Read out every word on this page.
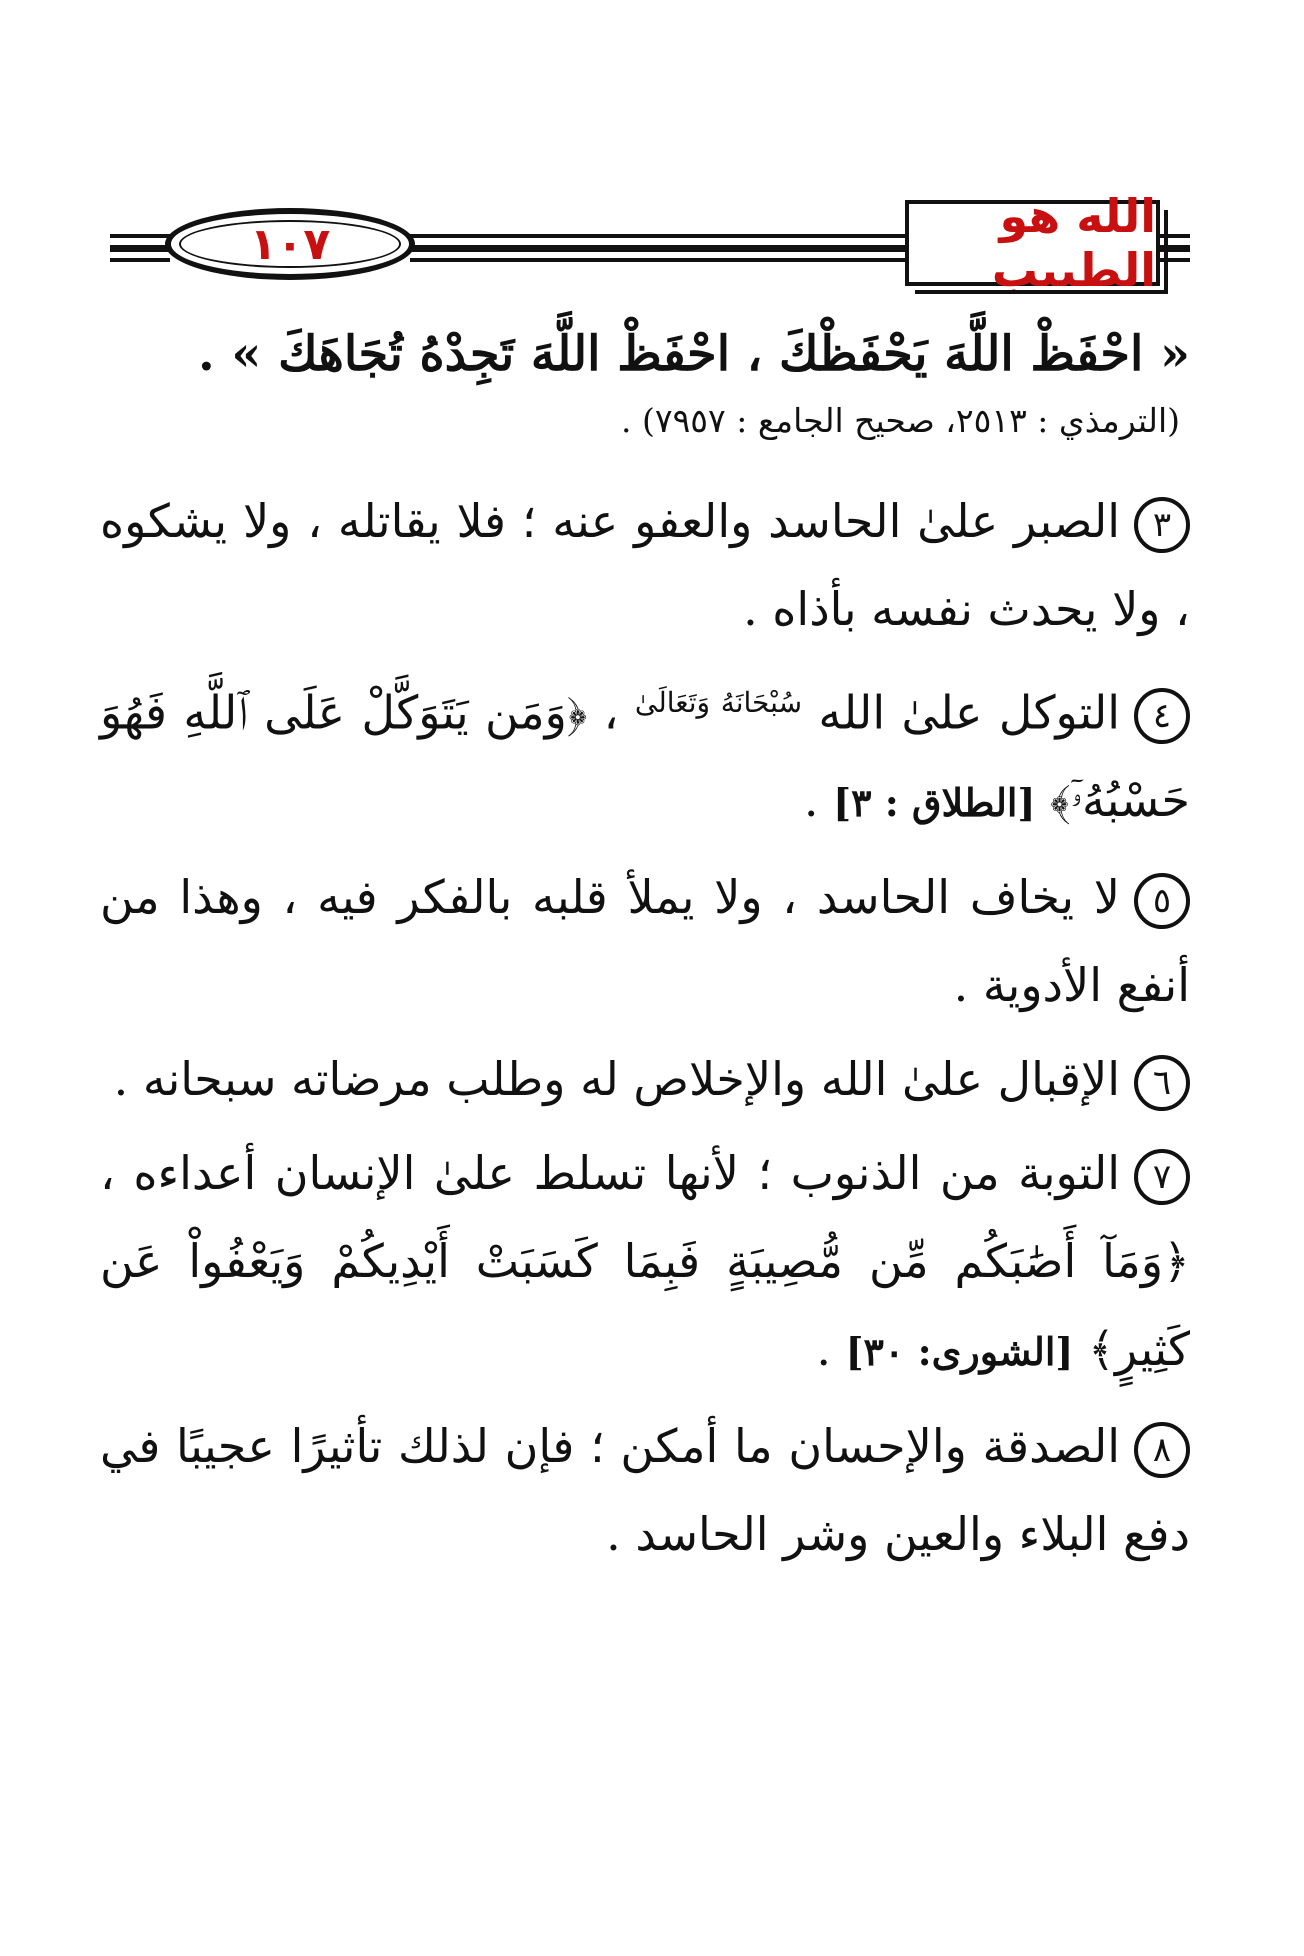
١٠٧
الله هو الطبيب

« احْفَظْ اللَّهَ يَحْفَظْكَ ، احْفَظْ اللَّهَ تَجِدْهُ تُجَاهَكَ » .

(الترمذي : ٢٥١٣، صحيح الجامع : ٧٩٥٧) .

٣الصبر علىٰ الحاسد والعفو عنه ؛ فلا يقاتله ، ولا يشكوه ، ولا يحدث نفسه بأذاه .

٤التوكل علىٰ الله $^{سُبْحَانَهُ وَتَعَالَىٰ}$ ، ﴿وَمَن يَتَوَكَّلْ عَلَى ٱللَّهِ فَهُوَ حَسْبُهُۥٓ﴾ [الطلاق : ٣] .

٥لا يخاف الحاسد ، ولا يملأ قلبه بالفكر فيه ، وهذا من أنفع الأدوية .

٦الإقبال علىٰ الله والإخلاص له وطلب مرضاته سبحانه .

٧التوبة من الذنوب ؛ لأنها تسلط علىٰ الإنسان أعداءه ، ﴿وَمَآ أَصَٰبَكُم مِّن مُّصِيبَةٍ فَبِمَا كَسَبَتْ أَيْدِيكُمْ وَيَعْفُواْ عَن كَثِيرٍ﴾ [الشورى: ٣٠] .

٨الصدقة والإحسان ما أمكن ؛ فإن لذلك تأثيرًا عجيبًا في دفع البلاء والعين وشر الحاسد .
